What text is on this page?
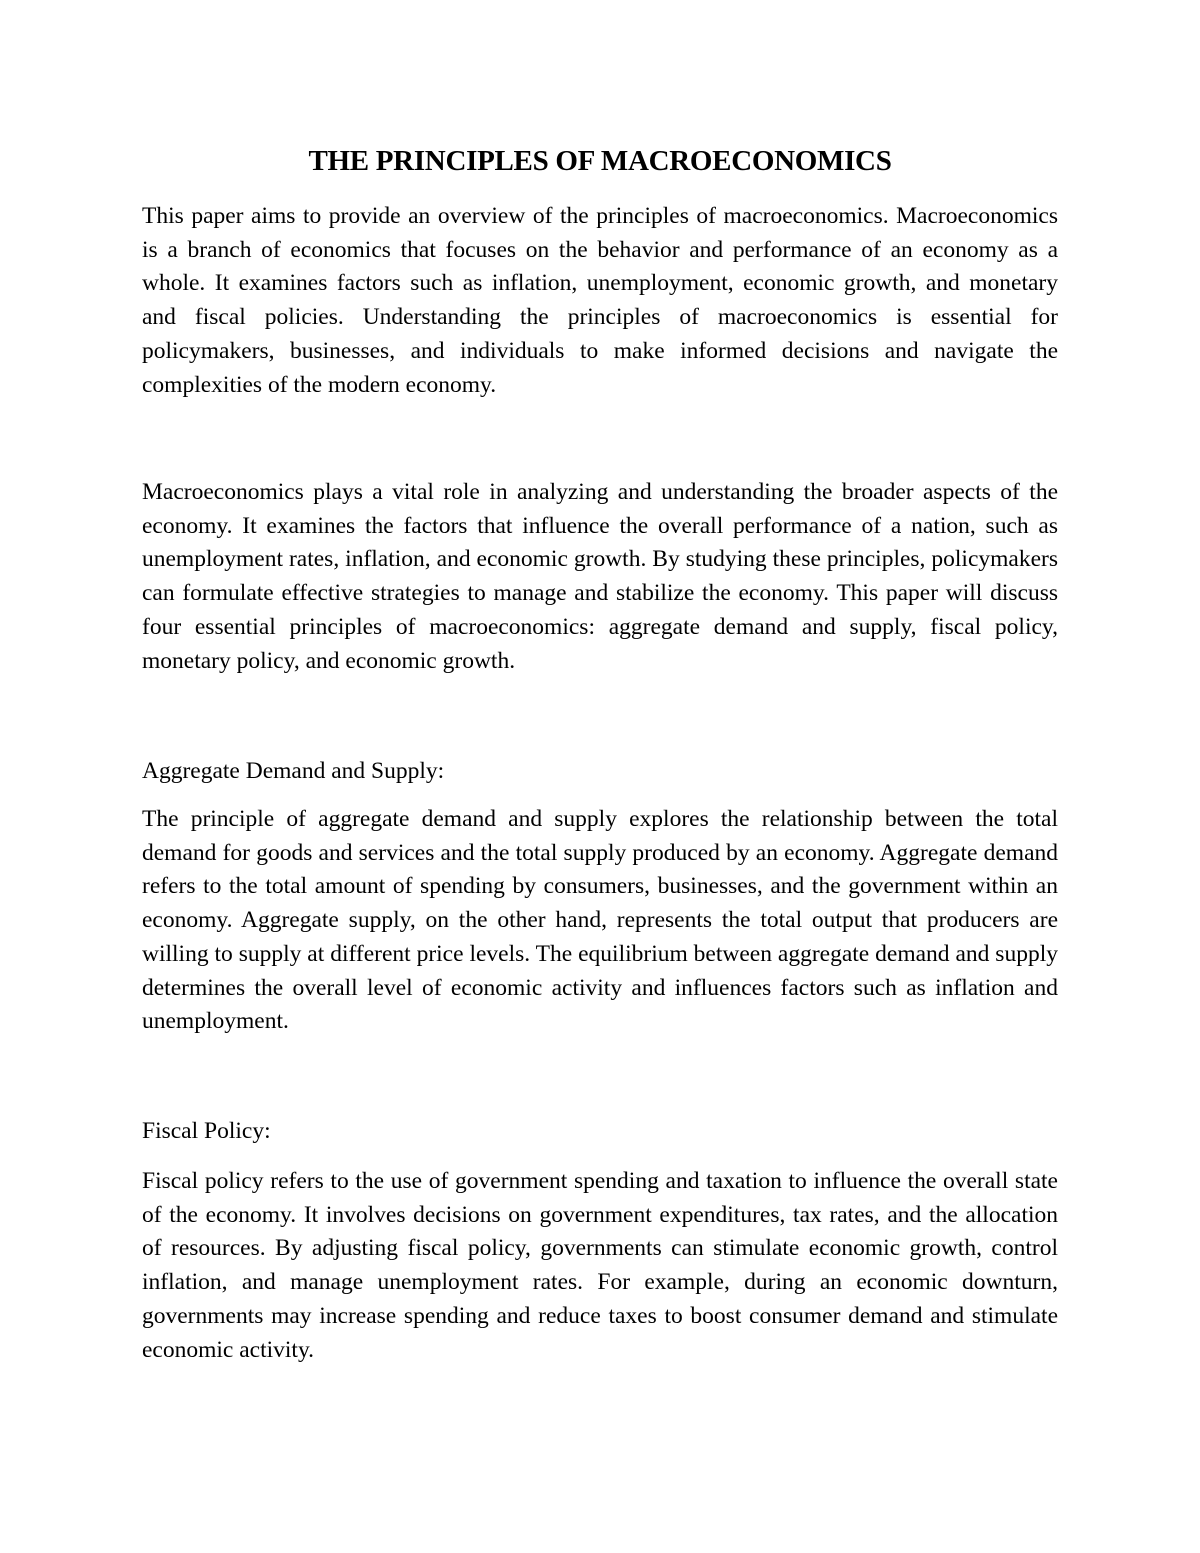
THE PRINCIPLES OF MACROECONOMICS

This paper aims to provide an overview of the principles of macroeconomics. Macroeconomics is a branch of economics that focuses on the behavior and performance of an economy as a whole. It examines factors such as inflation, unemployment, economic growth, and monetary and fiscal policies. Understanding the principles of macroeconomics is essential for policymakers, businesses, and individuals to make informed decisions and navigate the complexities of the modern economy.

Macroeconomics plays a vital role in analyzing and understanding the broader aspects of the economy. It examines the factors that influence the overall performance of a nation, such as unemployment rates, inflation, and economic growth. By studying these principles, policymakers can formulate effective strategies to manage and stabilize the economy. This paper will discuss four essential principles of macroeconomics: aggregate demand and supply, fiscal policy, monetary policy, and economic growth.

Aggregate Demand and Supply:

The principle of aggregate demand and supply explores the relationship between the total demand for goods and services and the total supply produced by an economy. Aggregate demand refers to the total amount of spending by consumers, businesses, and the government within an economy. Aggregate supply, on the other hand, represents the total output that producers are willing to supply at different price levels. The equilibrium between aggregate demand and supply determines the overall level of economic activity and influences factors such as inflation and unemployment.

Fiscal Policy:

Fiscal policy refers to the use of government spending and taxation to influence the overall state of the economy. It involves decisions on government expenditures, tax rates, and the allocation of resources. By adjusting fiscal policy, governments can stimulate economic growth, control inflation, and manage unemployment rates. For example, during an economic downturn, governments may increase spending and reduce taxes to boost consumer demand and stimulate economic activity.
